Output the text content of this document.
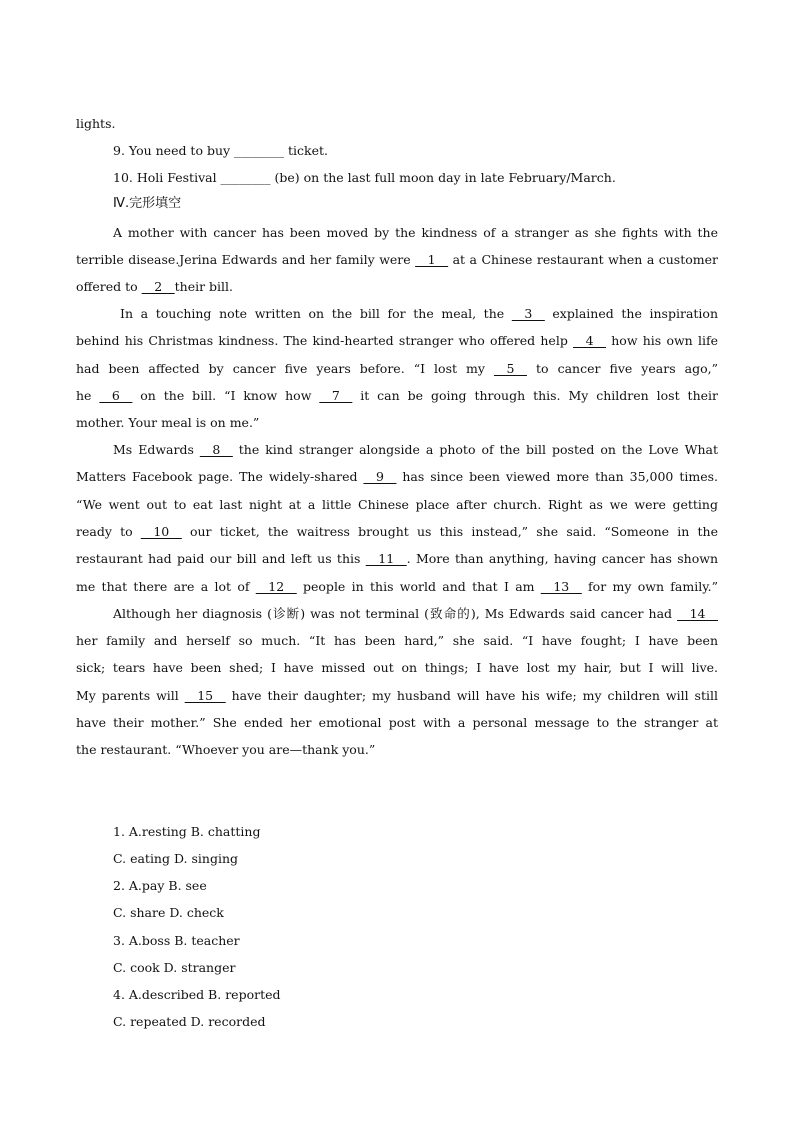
lights.
9. You need to buy ________ ticket.
10. Holi Festival ________ (be) on the last full moon day in late February/March.
Ⅳ.完形填空
A mother with cancer has been moved by the kindness of a stranger as she fights with the
terrible disease.Jerina Edwards and her family were __1__ at a Chinese restaurant when a customer
offered to __2__their bill.
In a touching note written on the bill for the meal, the __3__ explained the inspiration
behind his Christmas kindness. The kind-hearted stranger who offered help __4__ how his own life
had been affected by cancer five years before. “I lost my __5__ to cancer five years ago,”
he __6__ on the bill. “I know how __7__ it can be going through this. My children lost their
mother. Your meal is on me.”
Ms Edwards __8__ the kind stranger alongside a photo of the bill posted on the Love What
Matters Facebook page. The widely-shared __9__ has since been viewed more than 35,000 times.
“We went out to eat last night at a little Chinese place after church. Right as we were getting
ready to __10__ our ticket, the waitress brought us this instead,” she said. “Someone in the
restaurant had paid our bill and left us this __11__. More than anything, having cancer has shown
me that there are a lot of __12__ people in this world and that I am __13__ for my own family.”
Although her diagnosis (诊断) was not terminal (致命的), Ms Edwards said cancer had __14__
her family and herself so much. “It has been hard,” she said. “I have fought; I have been
sick; tears have been shed; I have missed out on things; I have lost my hair, but I will live.
My parents will __15__ have their daughter; my husband will have his wife; my children will still
have their mother.” She ended her emotional post with a personal message to the stranger at
the restaurant. “Whoever you are—thank you.”
1. A.resting B. chatting
C. eating D. singing
2. A.pay B. see
C. share D. check
3. A.boss B. teacher
C. cook D. stranger
4. A.described B. reported
C. repeated D. recorded
